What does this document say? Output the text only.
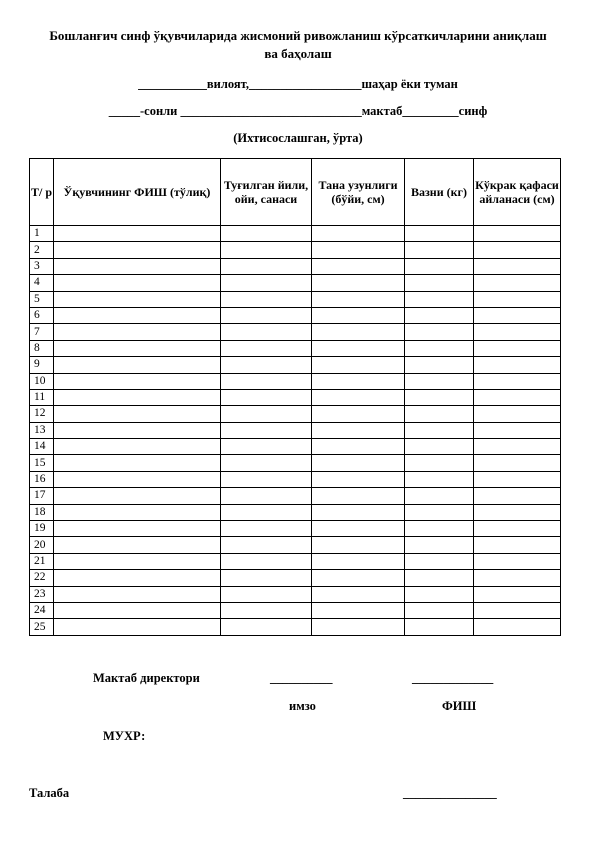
Бошланғич синф ўқувчиларида жисмоний ривожланиш кўрсаткичларини аниқлаш
ва баҳолаш
___________вилоят,__________________шаҳар ёки туман
_____-сонли _____________________________мактаб_________синф
(Ихтисослашган, ўрта)
Т/ р	Ўқувчининг ФИШ (тўлиқ)	Туғилган йили, ойи, санаси	Тана узунлиги (бўйи, см)	Вазни (кг)	Кўкрак қафаси айланаси (см)
1					
2					
3					
4					
5					
6					
7					
8					
9					
10					
11					
12					
13					
14					
15					
16					
17					
18					
19					
20					
21					
22					
23					
24					
25					
Мактаб директори	__________	_____________
имзо	ФИШ
МУХР:
Талаба	_______________
